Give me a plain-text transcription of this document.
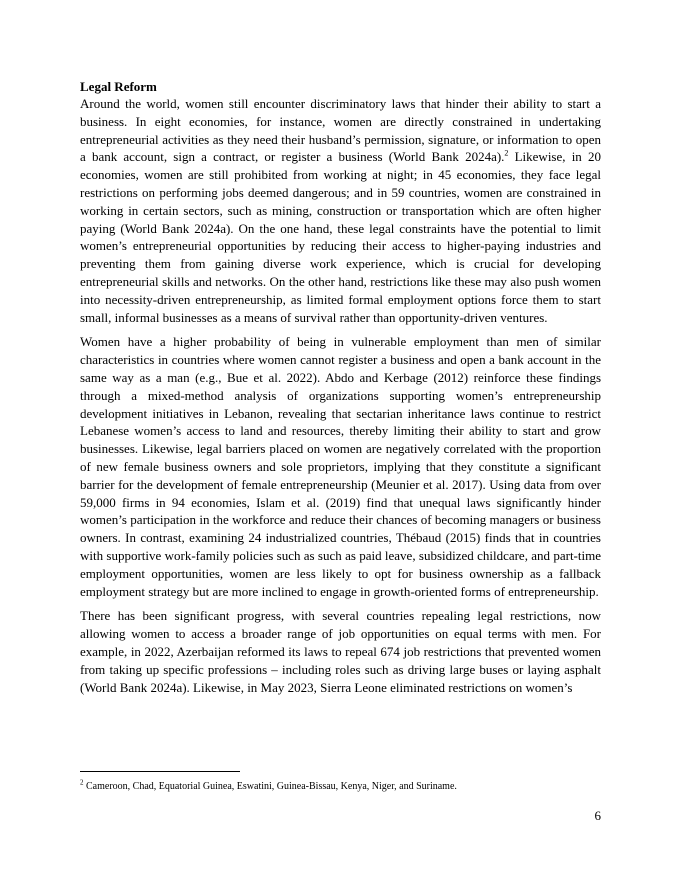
Legal Reform

Around the world, women still encounter discriminatory laws that hinder their ability to start a business. In eight economies, for instance, women are directly constrained in undertaking entrepreneurial activities as they need their husband’s permission, signature, or information to open a bank account, sign a contract, or register a business (World Bank 2024a).$^2$ Likewise, in 20 economies, women are still prohibited from working at night; in 45 economies, they face legal restrictions on performing jobs deemed dangerous; and in 59 countries, women are constrained in working in certain sectors, such as mining, construction or transportation which are often higher paying (World Bank 2024a). On the one hand, these legal constraints have the potential to limit women’s entrepreneurial opportunities by reducing their access to higher-paying industries and preventing them from gaining diverse work experience, which is crucial for developing entrepreneurial skills and networks. On the other hand, restrictions like these may also push women into necessity-driven entrepreneurship, as limited formal employment options force them to start small, informal businesses as a means of survival rather than opportunity-driven ventures.

Women have a higher probability of being in vulnerable employment than men of similar characteristics in countries where women cannot register a business and open a bank account in the same way as a man (e.g., Bue et al. 2022). Abdo and Kerbage (2012) reinforce these findings through a mixed-method analysis of organizations supporting women’s entrepreneurship development initiatives in Lebanon, revealing that sectarian inheritance laws continue to restrict Lebanese women’s access to land and resources, thereby limiting their ability to start and grow businesses. Likewise, legal barriers placed on women are negatively correlated with the proportion of new female business owners and sole proprietors, implying that they constitute a significant barrier for the development of female entrepreneurship (Meunier et al. 2017). Using data from over 59,000 firms in 94 economies, Islam et al. (2019) find that unequal laws significantly hinder women’s participation in the workforce and reduce their chances of becoming managers or business owners. In contrast, examining 24 industrialized countries, Thébaud (2015) finds that in countries with supportive work-family policies such as such as paid leave, subsidized childcare, and part-time employment opportunities, women are less likely to opt for business ownership as a fallback employment strategy but are more inclined to engage in growth-oriented forms of entrepreneurship.

There has been significant progress, with several countries repealing legal restrictions, now allowing women to access a broader range of job opportunities on equal terms with men. For example, in 2022, Azerbaijan reformed its laws to repeal 674 job restrictions that prevented women from taking up specific professions – including roles such as driving large buses or laying asphalt (World Bank 2024a). Likewise, in May 2023, Sierra Leone eliminated restrictions on women’s

$^2$ Cameroon, Chad, Equatorial Guinea, Eswatini, Guinea-Bissau, Kenya, Niger, and Suriname.
6
